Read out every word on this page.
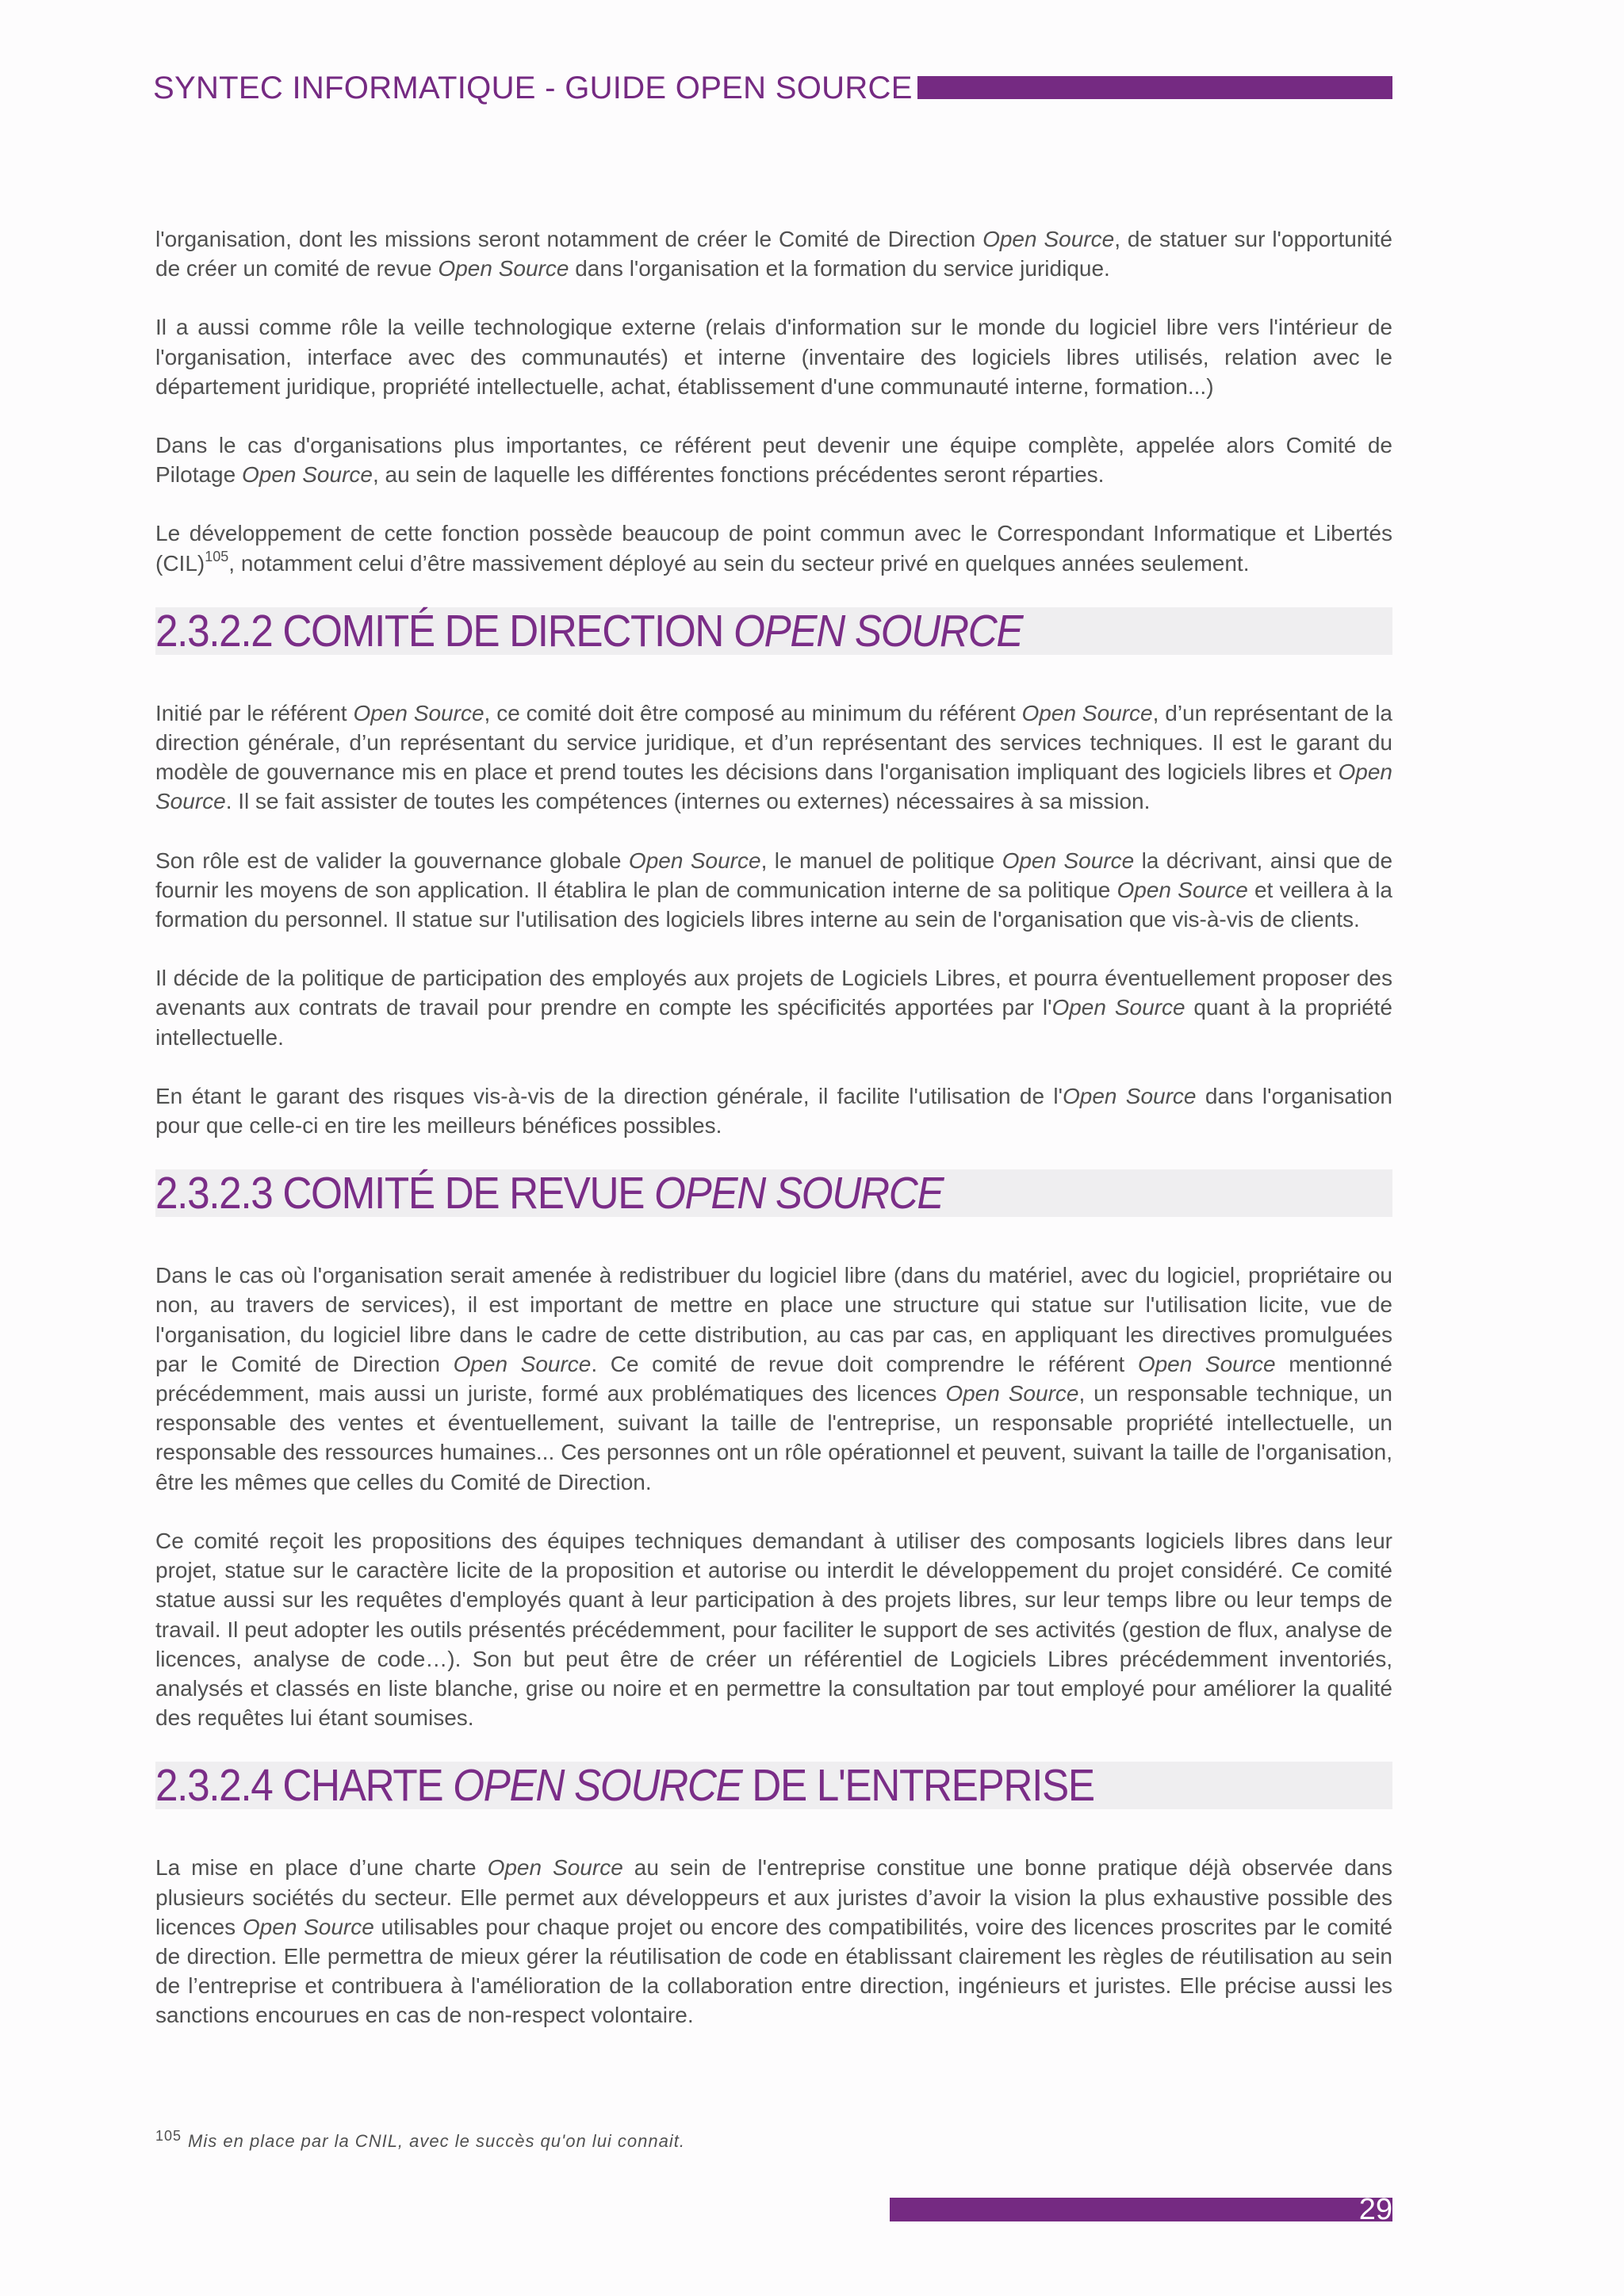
SYNTEC INFORMATIQUE - GUIDE OPEN SOURCE

l'organisation, dont les missions seront notamment de créer le Comité de Direction Open Source, de statuer sur l'opportunité de créer un comité de revue Open Source dans l'organisation et la formation du service juridique.

Il a aussi comme rôle la veille technologique externe (relais d'information sur le monde du logiciel libre vers l'intérieur de l'organisation, interface avec des communautés) et interne (inventaire des logiciels libres utilisés, relation avec le département juridique, propriété intellectuelle, achat, établissement d'une communauté interne, formation...)

Dans le cas d'organisations plus importantes, ce référent peut devenir une équipe complète, appelée alors Comité de Pilotage Open Source, au sein de laquelle les différentes fonctions précédentes seront réparties.

Le développement de cette fonction possède beaucoup de point commun avec le Correspondant Informatique et Libertés (CIL)$^{105}$, notamment celui d’être massivement déployé au sein du secteur privé en quelques années seulement.

2.3.2.2 COMITÉ DE DIRECTION OPEN SOURCE

Initié par le référent Open Source, ce comité doit être composé au minimum du référent Open Source, d’un représentant de la direction générale, d’un représentant du service juridique, et d’un représentant des services techniques. Il est le garant du modèle de gouvernance mis en place et prend toutes les décisions dans l'organisation impliquant des logiciels libres et Open Source. Il se fait assister de toutes les compétences (internes ou externes) nécessaires à sa mission.

Son rôle est de valider la gouvernance globale Open Source, le manuel de politique Open Source la décrivant, ainsi que de fournir les moyens de son application. Il établira le plan de communication interne de sa politique Open Source et veillera à la formation du personnel. Il statue sur l'utilisation des logiciels libres interne au sein de l'organisation que vis-à-vis de clients.

Il décide de la politique de participation des employés aux projets de Logiciels Libres, et pourra éventuellement proposer des avenants aux contrats de travail pour prendre en compte les spécificités apportées par l'Open Source quant à la propriété intellectuelle.

En étant le garant des risques vis-à-vis de la direction générale, il facilite l'utilisation de l'Open Source dans l'organisation pour que celle-ci en tire les meilleurs bénéfices possibles.

2.3.2.3 COMITÉ DE REVUE OPEN SOURCE

Dans le cas où l'organisation serait amenée à redistribuer du logiciel libre (dans du matériel, avec du logiciel, propriétaire ou non, au travers de services), il est important de mettre en place une structure qui statue sur l'utilisation licite, vue de l'organisation, du logiciel libre dans le cadre de cette distribution, au cas par cas, en appliquant les directives promulguées par le Comité de Direction Open Source. Ce comité de revue doit comprendre le référent Open Source mentionné précédemment, mais aussi un juriste, formé aux problématiques des licences Open Source, un responsable technique, un responsable des ventes et éventuellement, suivant la taille de l'entreprise, un responsable propriété intellectuelle, un responsable des ressources humaines... Ces personnes ont un rôle opérationnel et peuvent, suivant la taille de l'organisation, être les mêmes que celles du Comité de Direction.

Ce comité reçoit les propositions des équipes techniques demandant à utiliser des composants logiciels libres dans leur projet, statue sur le caractère licite de la proposition et autorise ou interdit le développement du projet considéré. Ce comité statue aussi sur les requêtes d'employés quant à leur participation à des projets libres, sur leur temps libre ou leur temps de travail. Il peut adopter les outils présentés précédemment, pour faciliter le support de ses activités (gestion de flux, analyse de licences, analyse de code…). Son but peut être de créer un référentiel de Logiciels Libres précédemment inventoriés, analysés et classés en liste blanche, grise ou noire et en permettre la consultation par tout employé pour améliorer la qualité des requêtes lui étant soumises.

2.3.2.4 CHARTE OPEN SOURCE DE L'ENTREPRISE

La mise en place d’une charte Open Source au sein de l'entreprise constitue une bonne pratique déjà observée dans plusieurs sociétés du secteur. Elle permet aux développeurs et aux juristes d’avoir la vision la plus exhaustive possible des licences Open Source utilisables pour chaque projet ou encore des compatibilités, voire des licences proscrites par le comité de direction. Elle permettra de mieux gérer la réutilisation de code en établissant clairement les règles de réutilisation au sein de l’entreprise et contribuera à l'amélioration de la collaboration entre direction, ingénieurs et juristes. Elle précise aussi les sanctions encourues en cas de non-respect volontaire.

$^{105}$ Mis en place par la CNIL, avec le succès qu'on lui connait.
29
